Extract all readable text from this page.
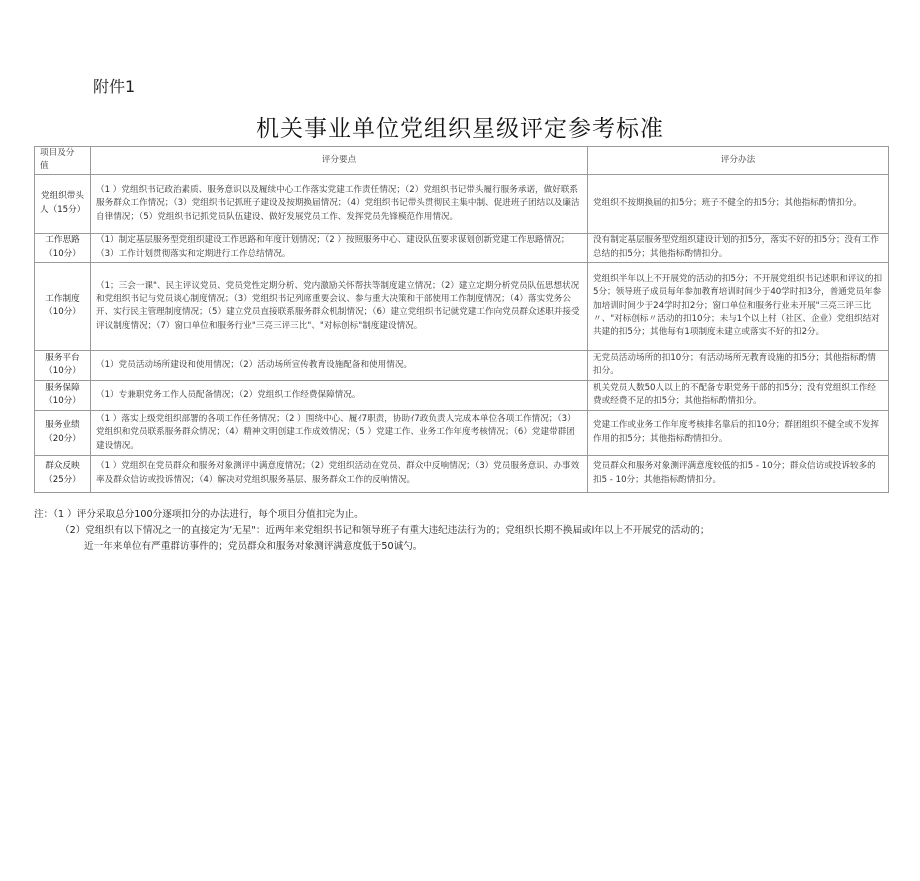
附件1
机关事业单位党组织星级评定参考标准
项目及分 值	评分要点	评分办法
党组织带头人（15分）	（1 ）党组织书记政治素质、服务意识以及履续中心工作落实党建工作责任情况；（2）党组织书记带头履行服务承诺，做好联系服务群众工作情况；（3）党组织书记抓班子建设及按期换届情况；（4）党组织书记带头贯彻民主集中制、促进班子团结以及廉洁自律情况；（5）党组织书记抓党员队伍建设、做好发展党员工作、发挥党员先锋模范作用情况。	党组织不按期换届的扣5分；班子不健全的扣5分；其他指标酌情扣分。
工作思路（10分）	（1）制定基层服务型党组织建设工作思路和年度计划情况；（2 ）按照服务中心、建设队伍要求谋划创新党建工作思路情况；（3）工作计划贯彻落实和定期进行工作总结情况。	没有制定基层服务型党组织建设计划的扣5分，落实不好的扣5分；没有工作总结的扣5分；其他指标酌情扣分。
工作制度（10分）	（1；三会一课"、民主评议党员、党员党性定期分析、党内激励关怀帮扶等制度建立情况；（2）建立定期分析党员队伍思想状况和党组织书记与党员谈心制度情况；（3）党组织书记列席重要会议、参与重大决策和干部使用工作制度情况；（4）落实党务公开、实行民主管理制度情况；（5）建立党员直接联系服务群众机制情况；（6）建立党组织书记就党建工作向党员群众述职并接受评议制度情况；（7）窗口单位和服务行业"三亮三评三比"、"对标创标"制度建设情况。	党组织半年以上不开展党的活动的扣5分；不开展党组织书记述职和评议的扣5分；领导班子成员每年参加教育培训时间少于40学时扣3分，普通党员年参加培训时间少于24学时扣2分；窗口单位和服务行业未开展"三亮三评三比〃、"对标创标〃活动的扣10分；未与1个以上村（社区、企业）党组织结对共建的扣5分；其他每有1项制度未建立或落实不好的扣2分。
服务平台（10分）	（1）党员活动场所建设和使用情况；（2）活动场所宣传教育设施配备和使用情况。	无党员活动场所的扣10分；有活动场所无教育设施的扣5分；其他指标酌情扣分。
服务保障（10分）	（1）专兼职党务工作人员配备情况；（2）党组织工作经费保障情况。	机关党员人数50人以上的不配备专职党务干部的扣5分；没有党组织工作经费或经费不足的扣5分；其他指标酌情扣分。
服务业绩（20分）	（1 ）落实上级党组织部署的各项工作任务情况；（2 ）围绕中心、履ｲ7职责，协助ｲ7政负责人完成本单位各项工作情况；（3）党组织和党员联系服务群众情况；（4）精神文明创建工作成效情况；（5 ）党建工作、业务工作年度考核情况；（6）党建带群团建设情况。	党建工作或业务工作年度考核排名靠后的扣10分；群团组织不健全或不发挥作用的扣5分；其他指标酌情扣分。
群众反映（25分）	（1 ）党组织在党员群众和服务对象测评中满意度情况；（2）党组织活动在党员、群众中反响情况；（3）党员服务意识、办事效率及群众信访或投诉情况；（4）解决对党组织服务基层、服务群众工作的反响情况。	党员群众和服务对象测评满意度较低的扣5 - 10分；群众信访或投诉较多的扣5 - 10分；其他指标酌情扣分。
注：（1 ）评分采取总分100分逐项扣分的办法进行，每个项目分值扣完为止。
（2）党组织有以下情况之一的直接定为’无星"：近两年来党组织书记和领导班子有重大违纪违法行为的；党组织长期不换届或l年以上不开展党的活动的；
近一年来单位有严重群访事件的；党员群众和服务对象测评满意度低于50诚勺。
